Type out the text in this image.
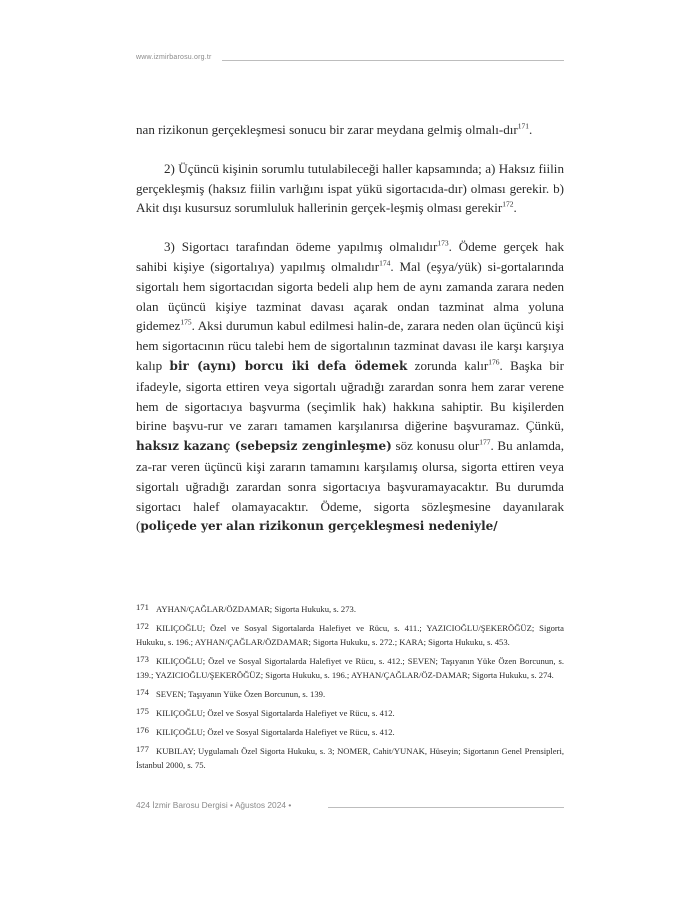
www.izmirbarosu.org.tr

nan rizikonun gerçekleşmesi sonucu bir zarar meydana gelmiş olmalı-dır$^{171}$.

2) Üçüncü kişinin sorumlu tutulabileceği haller kapsamında; a) Haksız fiilin gerçekleşmiş (haksız fiilin varlığını ispat yükü sigortacıda-dır) olması gerekir. b) Akit dışı kusursuz sorumluluk hallerinin gerçek-leşmiş olması gerekir$^{172}$.

3) Sigortacı tarafından ödeme yapılmış olmalıdır$^{173}$. Ödeme gerçek hak sahibi kişiye (sigortalıya) yapılmış olmalıdır$^{174}$. Mal (eşya/yük) si-gortalarında sigortalı hem sigortacıdan sigorta bedeli alıp hem de aynı zamanda zarara neden olan üçüncü kişiye tazminat davası açarak ondan tazminat alma yoluna gidemez$^{175}$. Aksi durumun kabul edilmesi halin-de, zarara neden olan üçüncü kişi hem sigortacının rücu talebi hem de sigortalının tazminat davası ile karşı karşıya kalıp bir (aynı) borcu iki defa ödemek zorunda kalır$^{176}$. Başka bir ifadeyle, sigorta ettiren veya sigortalı uğradığı zarardan sonra hem zarar verene hem de sigortacıya başvurma (seçimlik hak) hakkına sahiptir. Bu kişilerden birine başvu-rur ve zararı tamamen karşılanırsa diğerine başvuramaz. Çünkü, haksız kazanç (sebepsiz zenginleşme) söz konusu olur$^{177}$. Bu anlamda, za-rar veren üçüncü kişi zararın tamamını karşılamış olursa, sigorta ettiren veya sigortalı uğradığı zarardan sonra sigortacıya başvuramayacaktır. Bu durumda sigortacı halef olamayacaktır. Ödeme, sigorta sözleşmesine dayanılarak (poliçede yer alan rizikonun gerçekleşmesi nedeniyle/

171 AYHAN/ÇAĞLAR/ÖZDAMAR; Sigorta Hukuku, s. 273.
172 KILIÇOĞLU; Özel ve Sosyal Sigortalarda Halefiyet ve Rücu, s. 411.; YAZICIOĞLU/ŞEKERÖĞÜZ; Sigorta Hukuku, s. 196.; AYHAN/ÇAĞLAR/ÖZDAMAR; Sigorta Hukuku, s. 272.; KARA; Sigorta Hukuku, s. 453.
173 KILIÇOĞLU; Özel ve Sosyal Sigortalarda Halefiyet ve Rücu, s. 412.; SEVEN; Taşıyanın Yüke Özen Borcunun, s. 139.; YAZICIOĞLU/ŞEKERÖĞÜZ; Sigorta Hukuku, s. 196.; AYHAN/ÇAĞLAR/ÖZ-DAMAR; Sigorta Hukuku, s. 274.
174 SEVEN; Taşıyanın Yüke Özen Borcunun, s. 139.
175 KILIÇOĞLU; Özel ve Sosyal Sigortalarda Halefiyet ve Rücu, s. 412.
176 KILIÇOĞLU; Özel ve Sosyal Sigortalarda Halefiyet ve Rücu, s. 412.
177 KUBILAY; Uygulamalı Özel Sigorta Hukuku, s. 3; NOMER, Cahit/YUNAK, Hüseyin; Sigortanın Genel Prensipleri, İstanbul 2000, s. 75.
424 İzmir Barosu Dergisi • Ağustos 2024 •
